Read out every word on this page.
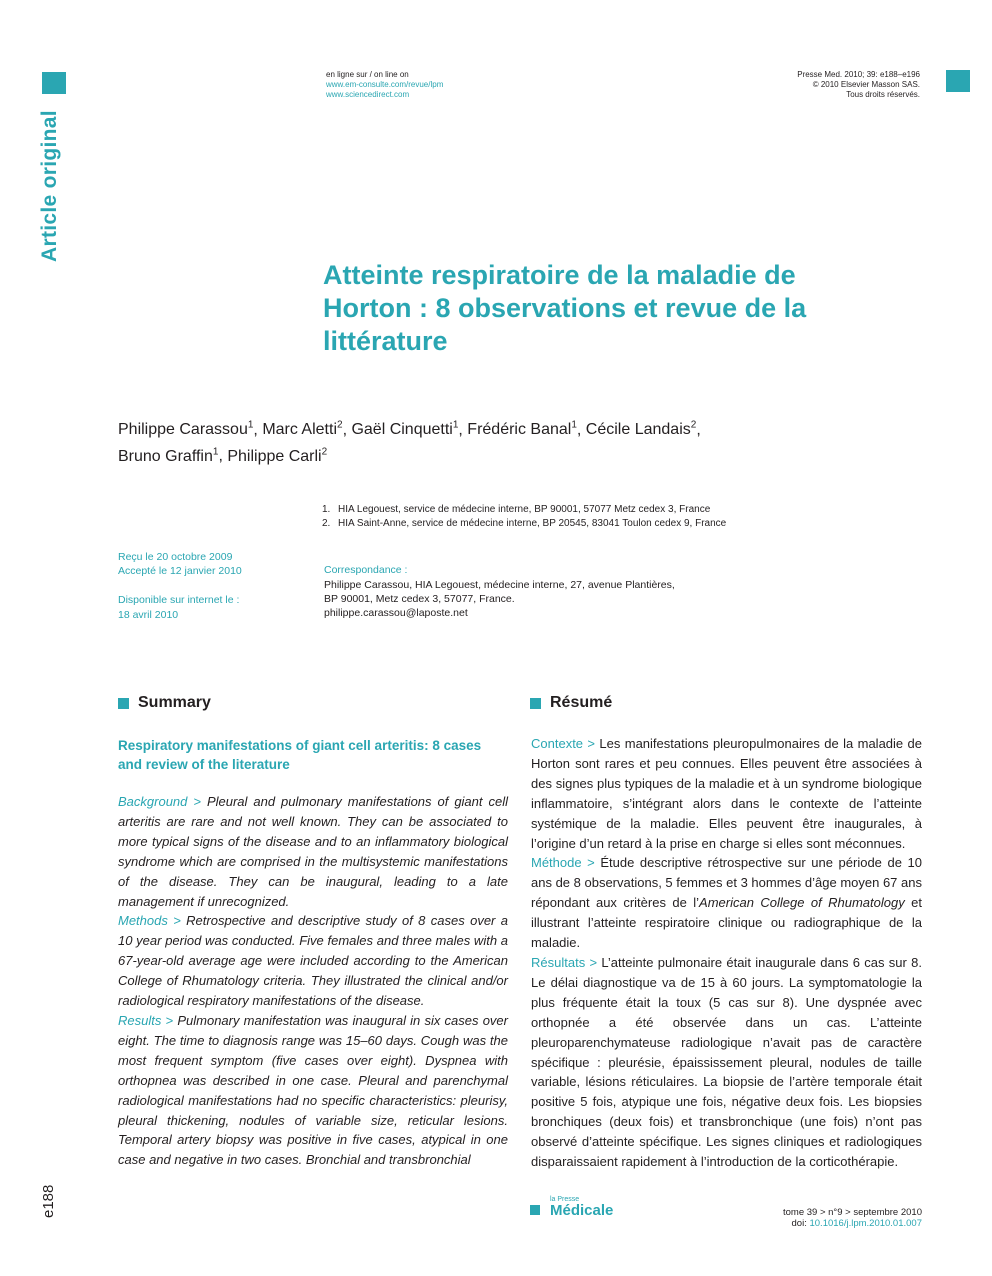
Article original
e188
en ligne sur / on line on

www.em-consulte.com/revue/lpm
www.sciencedirect.com
Presse Med. 2010; 39: e188–e196
© 2010 Elsevier Masson SAS.
Tous droits réservés.
Atteinte respiratoire de la maladie de Horton : 8 observations et revue de la littérature
Philippe Carassou$^1$, Marc Aletti$^2$, Gaël Cinquetti$^1$, Frédéric Banal$^1$, Cécile Landais$^2$,
Bruno Graffin$^1$, Philippe Carli$^2$
1. HIA Legouest, service de médecine interne, BP 90001, 57077 Metz cedex 3, France
2. HIA Saint-Anne, service de médecine interne, BP 20545, 83041 Toulon cedex 9, France
Reçu le 20 octobre 2009
Accepté le 12 janvier 2010
Disponible sur internet le :
18 avril 2010
Correspondance :
Philippe Carassou, HIA Legouest, médecine interne, 27, avenue Plantières,
BP 90001, Metz cedex 3, 57077, France.
philippe.carassou@laposte.net
Summary	Résumé
Respiratory manifestations of giant cell arteritis: 8 cases and review of the literature

Background > Pleural and pulmonary manifestations of giant cell arteritis are rare and not well known. They can be associated to more typical signs of the disease and to an inflammatory biological syndrome which are comprised in the multisystemic manifestations of the disease. They can be inaugural, leading to a late management if unrecognized.

Methods > Retrospective and descriptive study of 8 cases over a 10 year period was conducted. Five females and three males with a 67-year-old average age were included according to the American College of Rhumatology criteria. They illustrated the clinical and/or radiological respiratory manifestations of the disease.

Results > Pulmonary manifestation was inaugural in six cases over eight. The time to diagnosis range was 15–60 days. Cough was the most frequent symptom (five cases over eight). Dyspnea with orthopnea was described in one case. Pleural and parenchymal radiological manifestations had no specific characteristics: pleurisy, pleural thickening, nodules of variable size, reticular lesions. Temporal artery biopsy was positive in five cases, atypical in one case and negative in two cases. Bronchial and transbronchial

Contexte > Les manifestations pleuropulmonaires de la maladie de Horton sont rares et peu connues. Elles peuvent être associées à des signes plus typiques de la maladie et à un syndrome biologique inflammatoire, s’intégrant alors dans le contexte de l’atteinte systémique de la maladie. Elles peuvent être inaugurales, à l’origine d’un retard à la prise en charge si elles sont méconnues.

Méthode > Étude descriptive rétrospective sur une période de 10 ans de 8 observations, 5 femmes et 3 hommes d’âge moyen 67 ans répondant aux critères de l’American College of Rhumatology et illustrant l’atteinte respiratoire clinique ou radiographique de la maladie.

Résultats > L’atteinte pulmonaire était inaugurale dans 6 cas sur 8. Le délai diagnostique va de 15 à 60 jours. La symptomatologie la plus fréquente était la toux (5 cas sur 8). Une dyspnée avec orthopnée a été observée dans un cas. L’atteinte pleuroparenchymateuse radiologique n’avait pas de caractère spécifique : pleurésie, épaississement pleural, nodules de taille variable, lésions réticulaires. La biopsie de l’artère temporale était positive 5 fois, atypique une fois, négative deux fois. Les biopsies bronchiques (deux fois) et transbronchique (une fois) n’ont pas observé d’atteinte spécifique. Les signes cliniques et radiologiques disparaissaient rapidement à l’introduction de la corticothérapie.

la Presse
Médicale	tome 39 > n°9 > septembre 2010
doi: 10.1016/j.lpm.2010.01.007
